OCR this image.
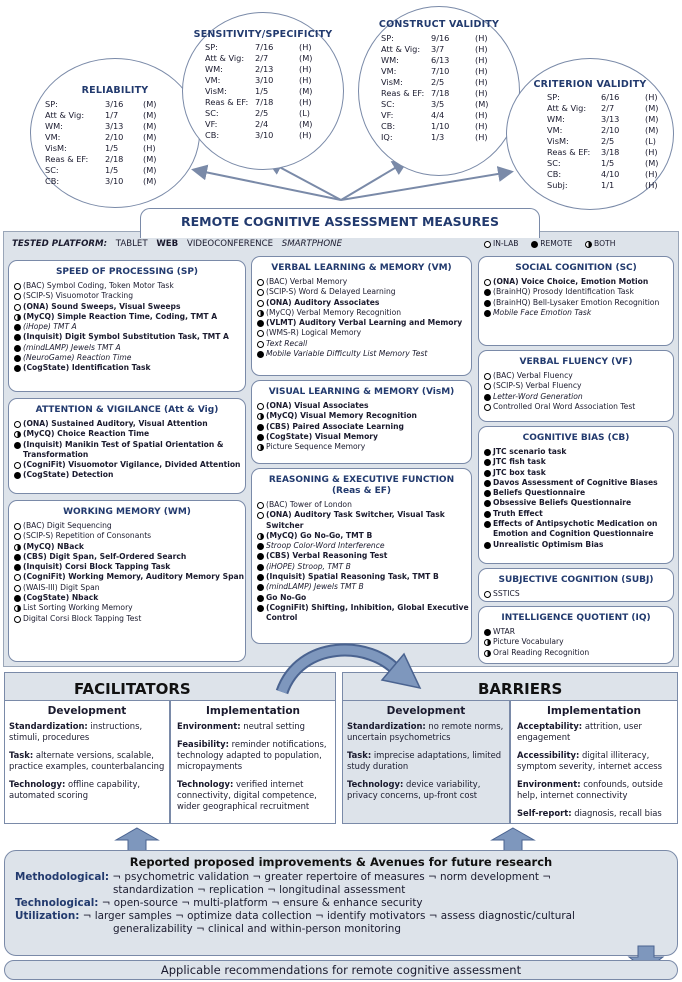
RELIABILITY
SP:	3/16 (M)
Att & Vig:	1/7	(M)
WM:	3/13 (M)
VM:	2/10 (M)
VisM:	1/5	(H)
Reas & EF: 2/18 (M)
SC:	1/5	(M)
CB:	3/10 (M)
SENSITIVITY/SPECIFICITY
SP:	7/16	(H)
Att & Vig: 2/7	(M)
WM:	2/13	(H)
VM:	3/10	(H)
VisM:	1/5	(M)
Reas & EF: 7/18	(H)
SC:	2/5	(L)
VF:	2/4	(M)
CB:	3/10	(H)
CONSTRUCT VALIDITY
SP:	9/16	(H)
Att & Vig: 3/7	(H)
WM:	6/13	(H)
VM:	7/10	(H)
VisM:	2/5	(H)
Reas & EF: 7/18	(H)
SC:	3/5	(M)
VF:	4/4	(H)
CB:	1/10	(H)
IQ:	1/3	(H)
CRITERION VALIDITY
SP:	6/16	(H)
Att & Vig: 2/7	(M)
WM:	3/13	(M)
VM:	2/10	(M)
VisM:	2/5	(L)
Reas & EF: 3/18	(H)
SC:	1/5	(M)
CB:	4/10	(H)
Subj:	1/1	(H)
REMOTE COGNITIVE ASSESSMENT MEASURES
TESTED PLATFORM: TABLET WEB VIDEOCONFERENCE SMARTPHONE	IN-LAB	REMOTE	BOTH
SPEED OF PROCESSING (SP)
(BAC) Symbol Coding, Token Motor Task
(SCIP-S) Visuomotor Tracking
(ONA) Sound Sweeps, Visual Sweeps
(MyCQ) Simple Reaction Time, Coding, TMT A
(iHope) TMT A
(Inquisit) Digit Symbol Substitution Task, TMT A
(mindLAMP) Jewels TMT A
(NeuroGame) Reaction Time
(CogState) Identification Task
ATTENTION & VIGILANCE (Att & Vig)
(ONA) Sustained Auditory, Visual Attention
(MyCQ) Choice Reaction Time
(Inquisit) Manikin Test of Spatial Orientation & Transformation
(CogniFit) Visuomotor Vigilance, Divided Attention
(CogState) Detection
WORKING MEMORY (WM)
(BAC) Digit Sequencing
(SCIP-S) Repetition of Consonants
(MyCQ) NBack
(CBS) Digit Span, Self-Ordered Search
(Inquisit) Corsi Block Tapping Task
(CogniFit) Working Memory, Auditory Memory Span
(WAIS-III) Digit Span
(CogState) Nback
List Sorting Working Memory
Digital Corsi Block Tapping Test
VERBAL LEARNING & MEMORY (VM)
(BAC) Verbal Memory
(SCIP-S) Word & Delayed Learning
(ONA) Auditory Associates
(MyCQ) Verbal Memory Recognition
(VLMT) Auditory Verbal Learning and Memory
(WMS-R) Logical Memory
Text Recall
Mobile Variable Difficulty List Memory Test
VISUAL LEARNING & MEMORY (VisM)
(ONA) Visual Associates
(MyCQ) Visual Memory Recognition
(CBS) Paired Associate Learning
(CogState) Visual Memory
Picture Sequence Memory
REASONING & EXECUTIVE FUNCTION
(Reas & EF)
(BAC) Tower of London
(ONA) Auditory Task Switcher, Visual Task Switcher
(MyCQ) Go No-Go, TMT B
Stroop Color-Word Interference
(CBS) Verbal Reasoning Test
(iHOPE) Stroop, TMT B
(Inquisit) Spatial Reasoning Task, TMT B
(mindLAMP) Jewels TMT B
Go No-Go
(CogniFit) Shifting, Inhibition, Global Executive Control
SOCIAL COGNITION (SC)
(ONA) Voice Choice, Emotion Motion
(BrainHQ) Prosody Identification Task
(BrainHQ) Bell-Lysaker Emotion Recognition
Mobile Face Emotion Task
VERBAL FLUENCY (VF)
(BAC) Verbal Fluency
(SCIP-S) Verbal Fluency
Letter-Word Generation
Controlled Oral Word Association Test
COGNITIVE BIAS (CB)
JTC scenario task
JTC fish task
JTC box task
Davos Assessment of Cognitive Biases
Beliefs Questionnaire
Obsessive Beliefs Questionnaire
Truth Effect
Effects of Antipsychotic Medication on Emotion and Cognition Questionnaire
Unrealistic Optimism Bias
SUBJECTIVE COGNITION (SUBJ)
SSTICS
INTELLIGENCE QUOTIENT (IQ)
WTAR
Picture Vocabulary
Oral Reading Recognition
FACILITATORS	BARRIERS
Development
Standardization: instructions, stimuli, procedures
Task: alternate versions, scalable, practice examples, counterbalancing
Technology: offline capability, automated scoring
Implementation
Environment: neutral setting
Feasibility: reminder notifications, technology adapted to population, micropayments
Technology: verified internet connectivity, digital competence, wider geographical recruitment
Development
Standardization: no remote norms, uncertain psychometrics
Task: imprecise adaptations, limited study duration
Technology: device variability, privacy concerns, up-front cost
Implementation
Acceptability: attrition, user engagement
Accessibility: digital illiteracy, symptom severity, internet access
Environment: confounds, outside help, internet connectivity
Self-report: diagnosis, recall bias
Reported proposed improvements & Avenues for future research
Methodological: ¬ psychometric validation ¬ greater repertoire of measures ¬ norm development ¬
standardization ¬ replication ¬ longitudinal assessment
Technological: ¬ open-source ¬ multi-platform ¬ ensure & enhance security
Utilization: ¬ larger samples ¬ optimize data collection ¬ identify motivators ¬ assess diagnostic/cultural
generalizability ¬ clinical and within-person monitoring
Applicable recommendations for remote cognitive assessment
